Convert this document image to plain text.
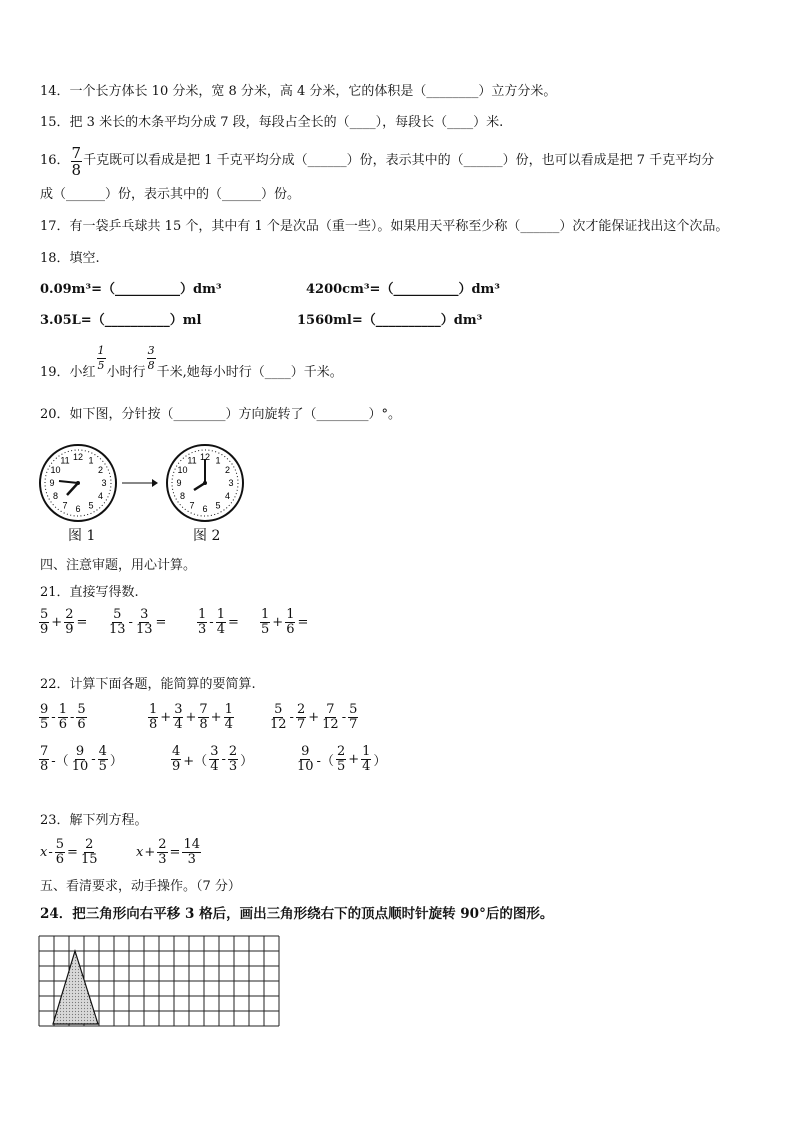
14．一个长方体长 10 分米，宽 8 分米，高 4 分米，它的体积是（________）立方分米。
15．把 3 米长的木条平均分成 7 段，每段占全长的（____），每段长（____）米.
16． $\frac{7}{8}$ 千克既可以看成是把 1 千克平均分成（______）份，表示其中的（______）份，也可以看成是把 7 千克平均分
成（______）份，表示其中的（______）份。
17．有一袋乒乓球共 15 个，其中有 1 个是次品（重一些）。如果用天平称至少称（______）次才能保证找出这个次品。
18．填空.
0.09m³=（__________）dm³	4200cm³=（__________）dm³
3.05L=（__________）ml	1560ml=（__________）dm³
19．小红 $\frac{1}{5}$ 小时行 $\frac{3}{8}$ 千米,她每小时行（____）千米。
20．如下图，分针按（________）方向旋转了（________）°。
12 1
2
3
4
5
6
7
8
9
10
11	12 1
2
3
4
5
6
7
8
9
10
11
图 1	图 2
四、注意审题，用心计算。
21．直接写得数.
22．计算下面各题，能简算的要简算.
23．解下列方程。
五、看清要求，动手操作。（7 分）
24．把三角形向右平移 3 格后，画出三角形绕右下的顶点顺时针旋转 90°后的图形。
$\frac{5}{9} + \frac{2}{9} = \frac{5}{13} - \frac{3}{13} = \frac{1}{3} - \frac{1}{4} = \frac{1}{5} + \frac{1}{6}$ =
$\frac{9}{5} - \frac{1}{6} - \frac{5}{6}$	$\frac{1}{8} + \frac{3}{4} + \frac{7}{8} + \frac{1}{4}$	$\frac{5}{12} - \frac{2}{7} + \frac{7}{12} - \frac{5}{7}$
$\frac{7}{8}$ -（ $\frac{9}{10} - \frac{4}{5}$ ）	$\frac{4}{9}$ +（ $\frac{3}{4} - \frac{2}{3}$ ）	$\frac{9}{10}$ -（ $\frac{2}{5} + \frac{1}{4}$ ）
$x - \frac{5}{6} = \frac{2}{15}$	$x + \frac{2}{3} = \frac{14}{3}$
